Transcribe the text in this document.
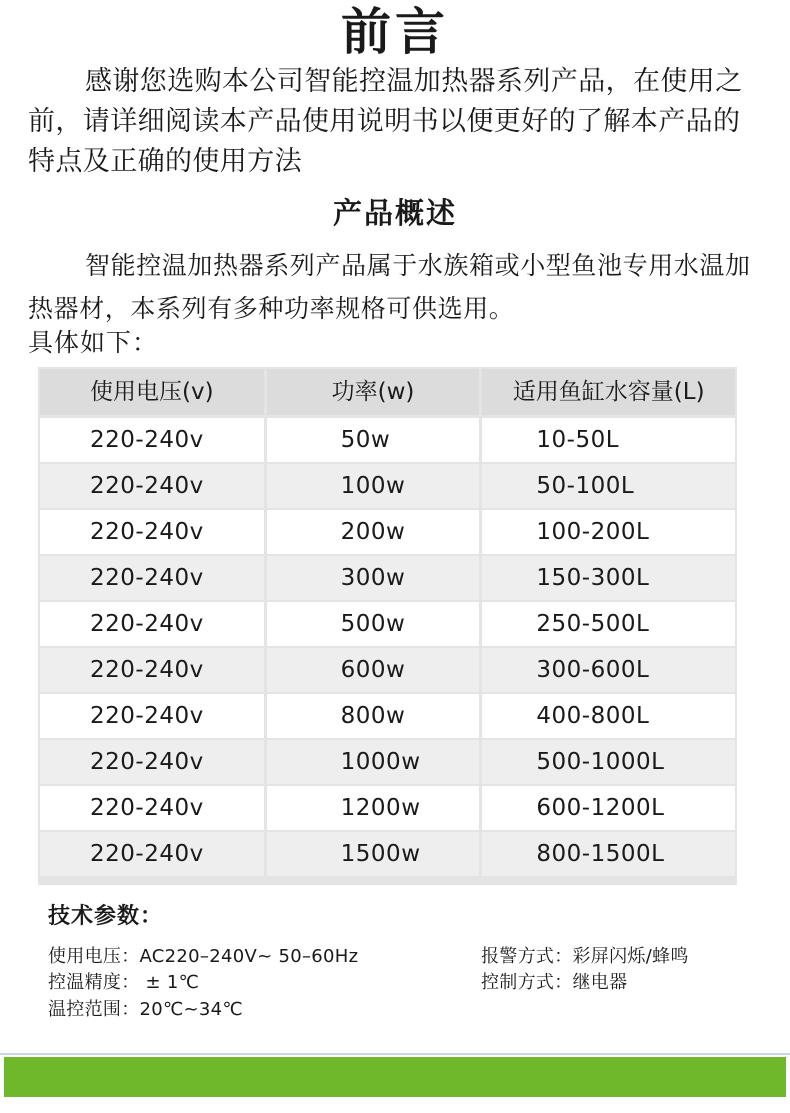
前言

感谢您选购本公司智能控温加热器系列产品，在使用之前，请详细阅读本产品使用说明书以便更好的了解本产品的特点及正确的使用方法

产品概述

智能控温加热器系列产品属于水族箱或小型鱼池专用水温加热器材，本系列有多种功率规格可供选用。

具体如下：
使用电压(v)	功率(w)	适用鱼缸水容量(L)
220-240v	50w	10-50L
220-240v	100w	50-100L
220-240v	200w	100-200L
220-240v	300w	150-300L
220-240v	500w	250-500L
220-240v	600w	300-600L
220-240v	800w	400-800L
220-240v	1000w	500-1000L
220-240v	1200w	600-1200L
220-240v	1500w	800-1500L
技术参数：
使用电压：AC220–240V~ 50–60Hz
控温精度： ± 1℃
温控范围：20℃~34℃
报警方式：彩屏闪烁/蜂鸣
控制方式：继电器
